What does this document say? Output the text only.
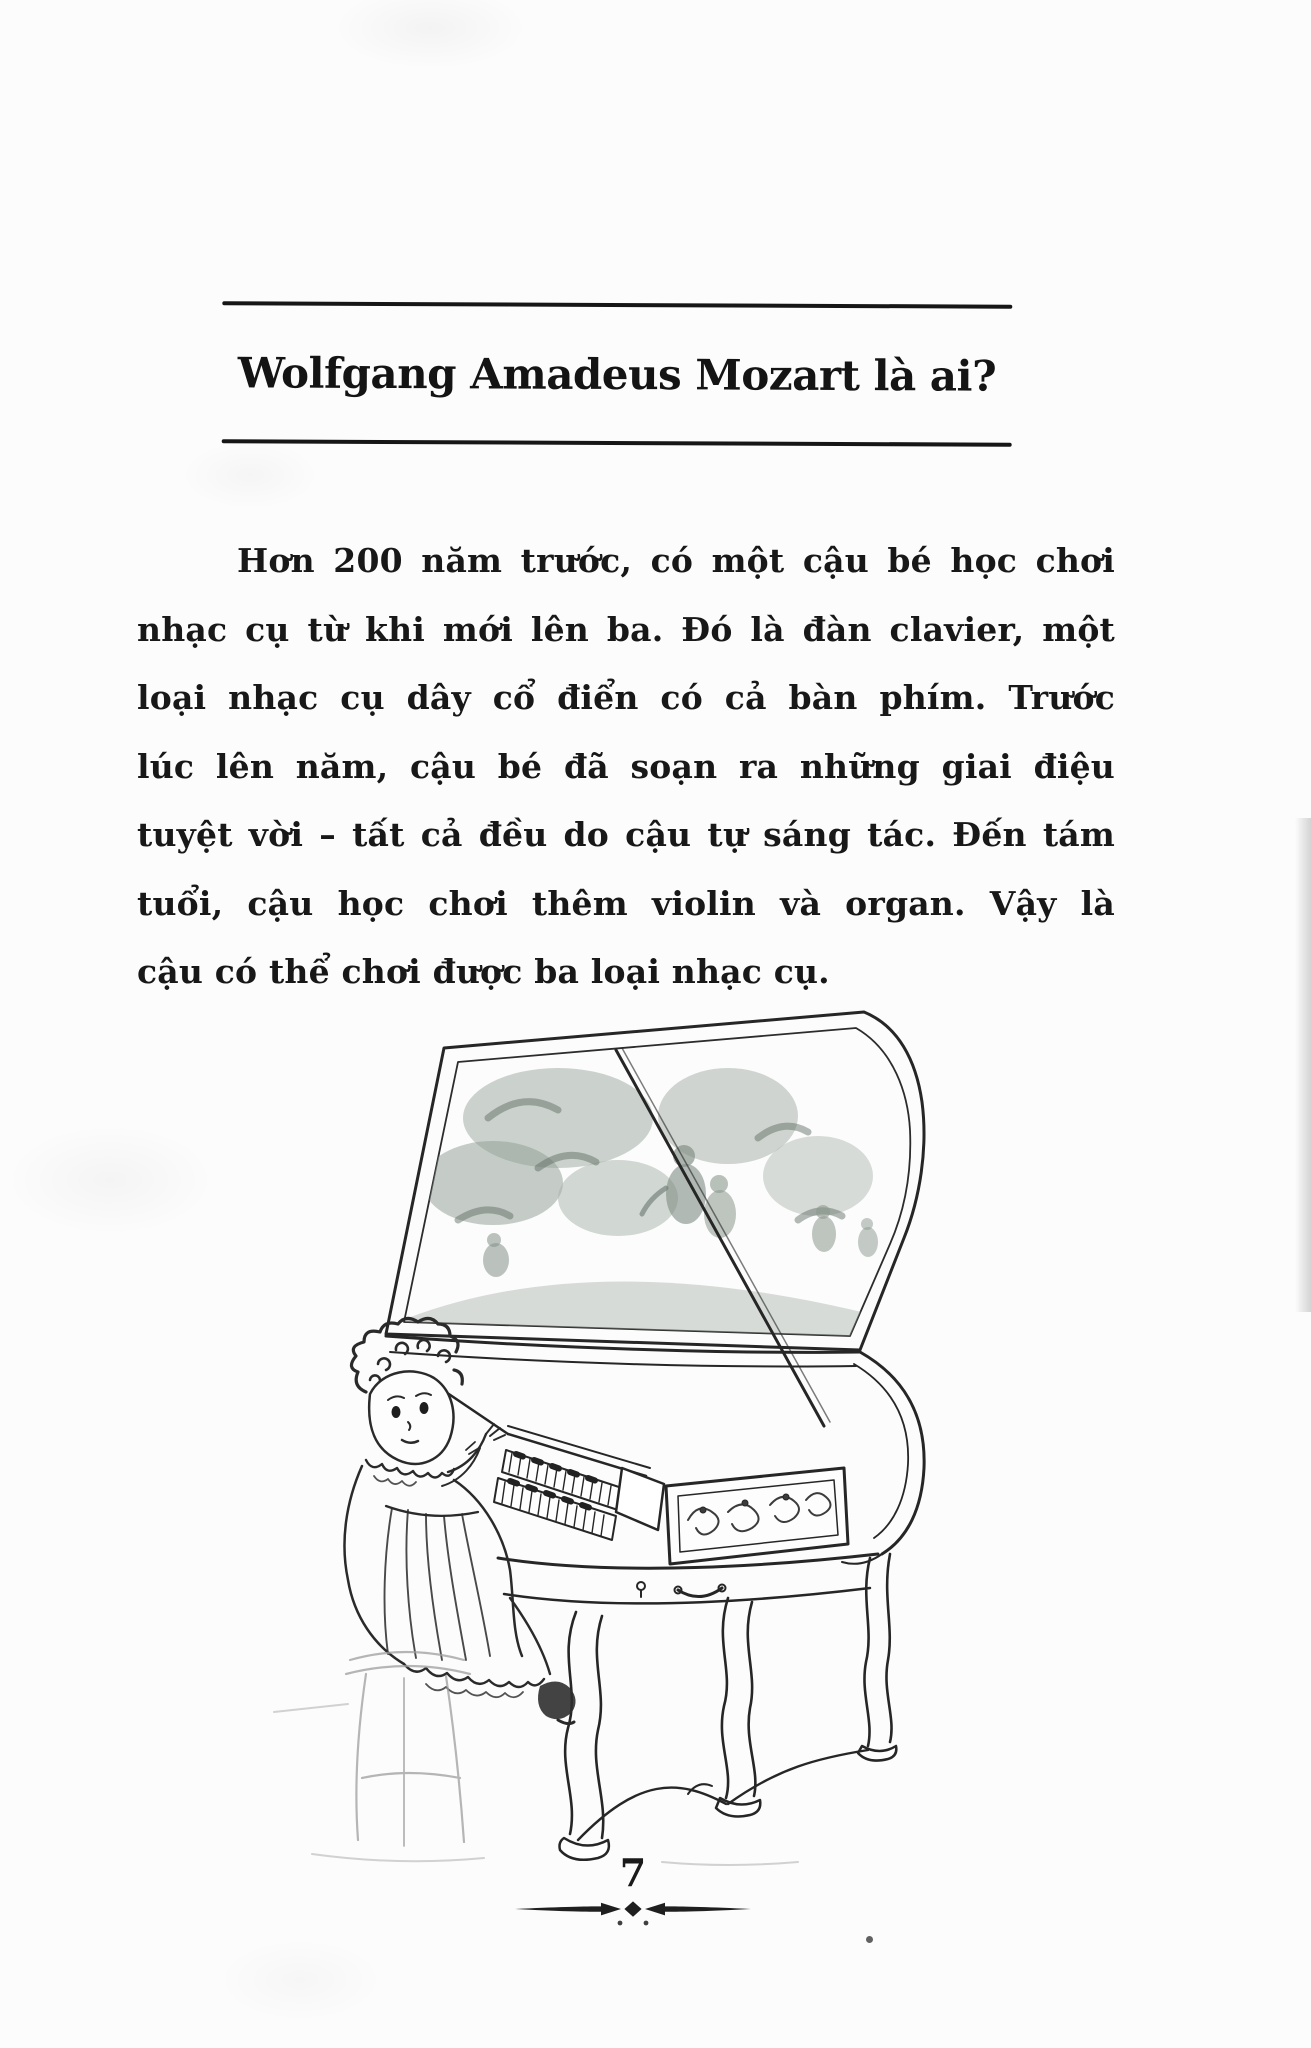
Wolfgang Amadeus Mozart là ai?
Hơn 200 năm trước, có một cậu bé học chơi
nhạc cụ từ khi mới lên ba. Đó là đàn clavier, một
loại nhạc cụ dây cổ điển có cả bàn phím. Trước
lúc lên năm, cậu bé đã soạn ra những giai điệu
tuyệt vời – tất cả đều do cậu tự sáng tác. Đến tám
tuổi, cậu học chơi thêm violin và organ. Vậy là
cậu có thể chơi được ba loại nhạc cụ.
7
